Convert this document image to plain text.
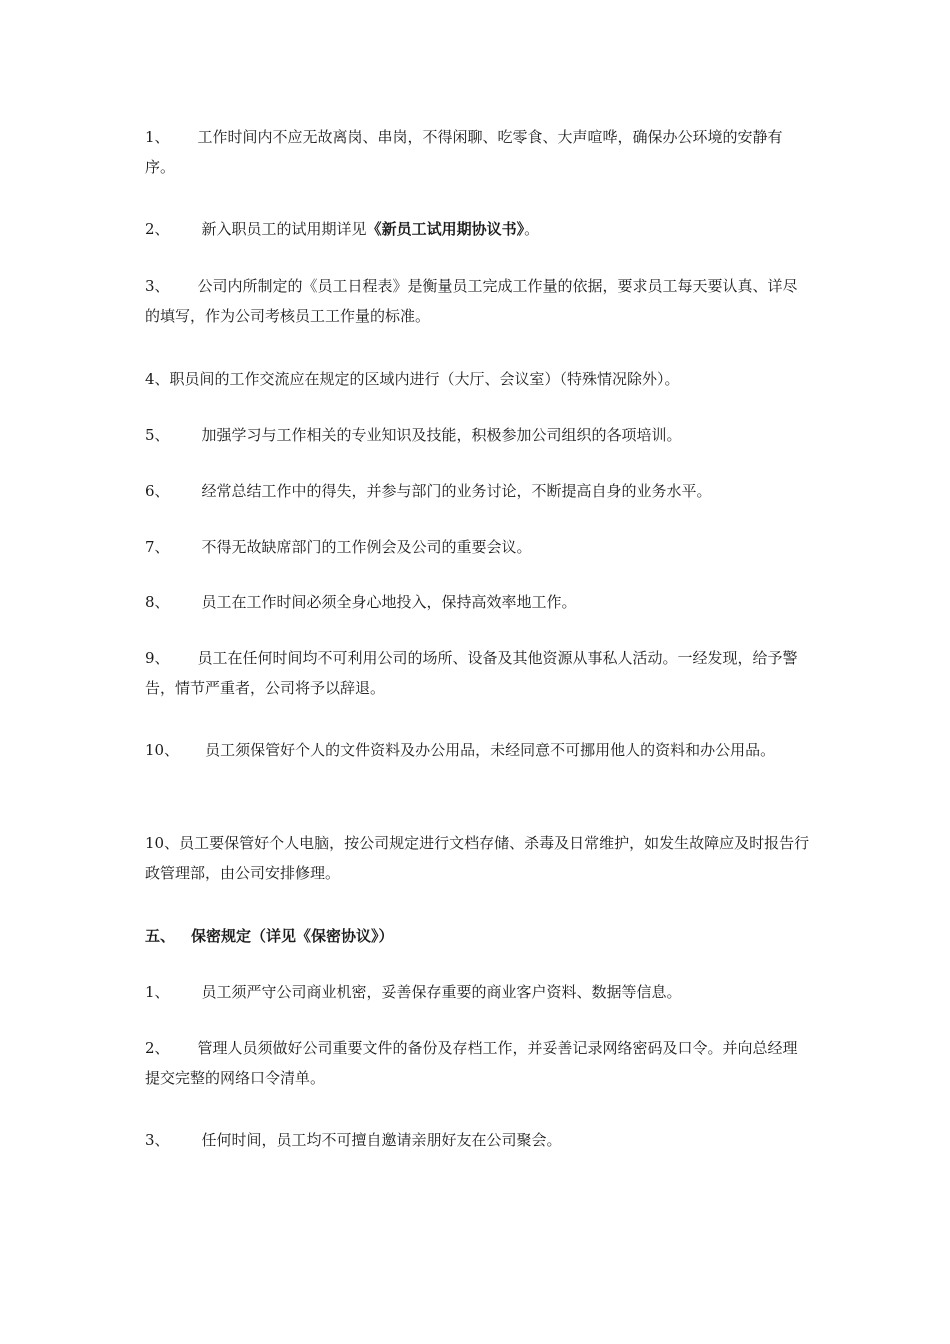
1、 工作时间内不应无故离岗、串岗，不得闲聊、吃零食、大声喧哗，确保办公环境的安静有序。

2、 新入职员工的试用期详见《新员工试用期协议书》。

3、 公司内所制定的《员工日程表》是衡量员工完成工作量的依据，要求员工每天要认真、详尽的填写，作为公司考核员工工作量的标准。

4、职员间的工作交流应在规定的区域内进行（大厅、会议室）（特殊情况除外）。

5、 加强学习与工作相关的专业知识及技能，积极参加公司组织的各项培训。

6、 经常总结工作中的得失，并参与部门的业务讨论，不断提高自身的业务水平。

7、 不得无故缺席部门的工作例会及公司的重要会议。

8、 员工在工作时间必须全身心地投入，保持高效率地工作。

9、 员工在任何时间均不可利用公司的场所、设备及其他资源从事私人活动。一经发现，给予警告，情节严重者，公司将予以辞退。

10、 员工须保管好个人的文件资料及办公用品，未经同意不可挪用他人的资料和办公用品。

10、员工要保管好个人电脑，按公司规定进行文档存储、杀毒及日常维护，如发生故障应及时报告行政管理部，由公司安排修理。

五、 保密规定（详见《保密协议》）

1、 员工须严守公司商业机密，妥善保存重要的商业客户资料、数据等信息。

2、 管理人员须做好公司重要文件的备份及存档工作，并妥善记录网络密码及口令。并向总经理提交完整的网络口令清单。

3、 任何时间，员工均不可擅自邀请亲朋好友在公司聚会。
